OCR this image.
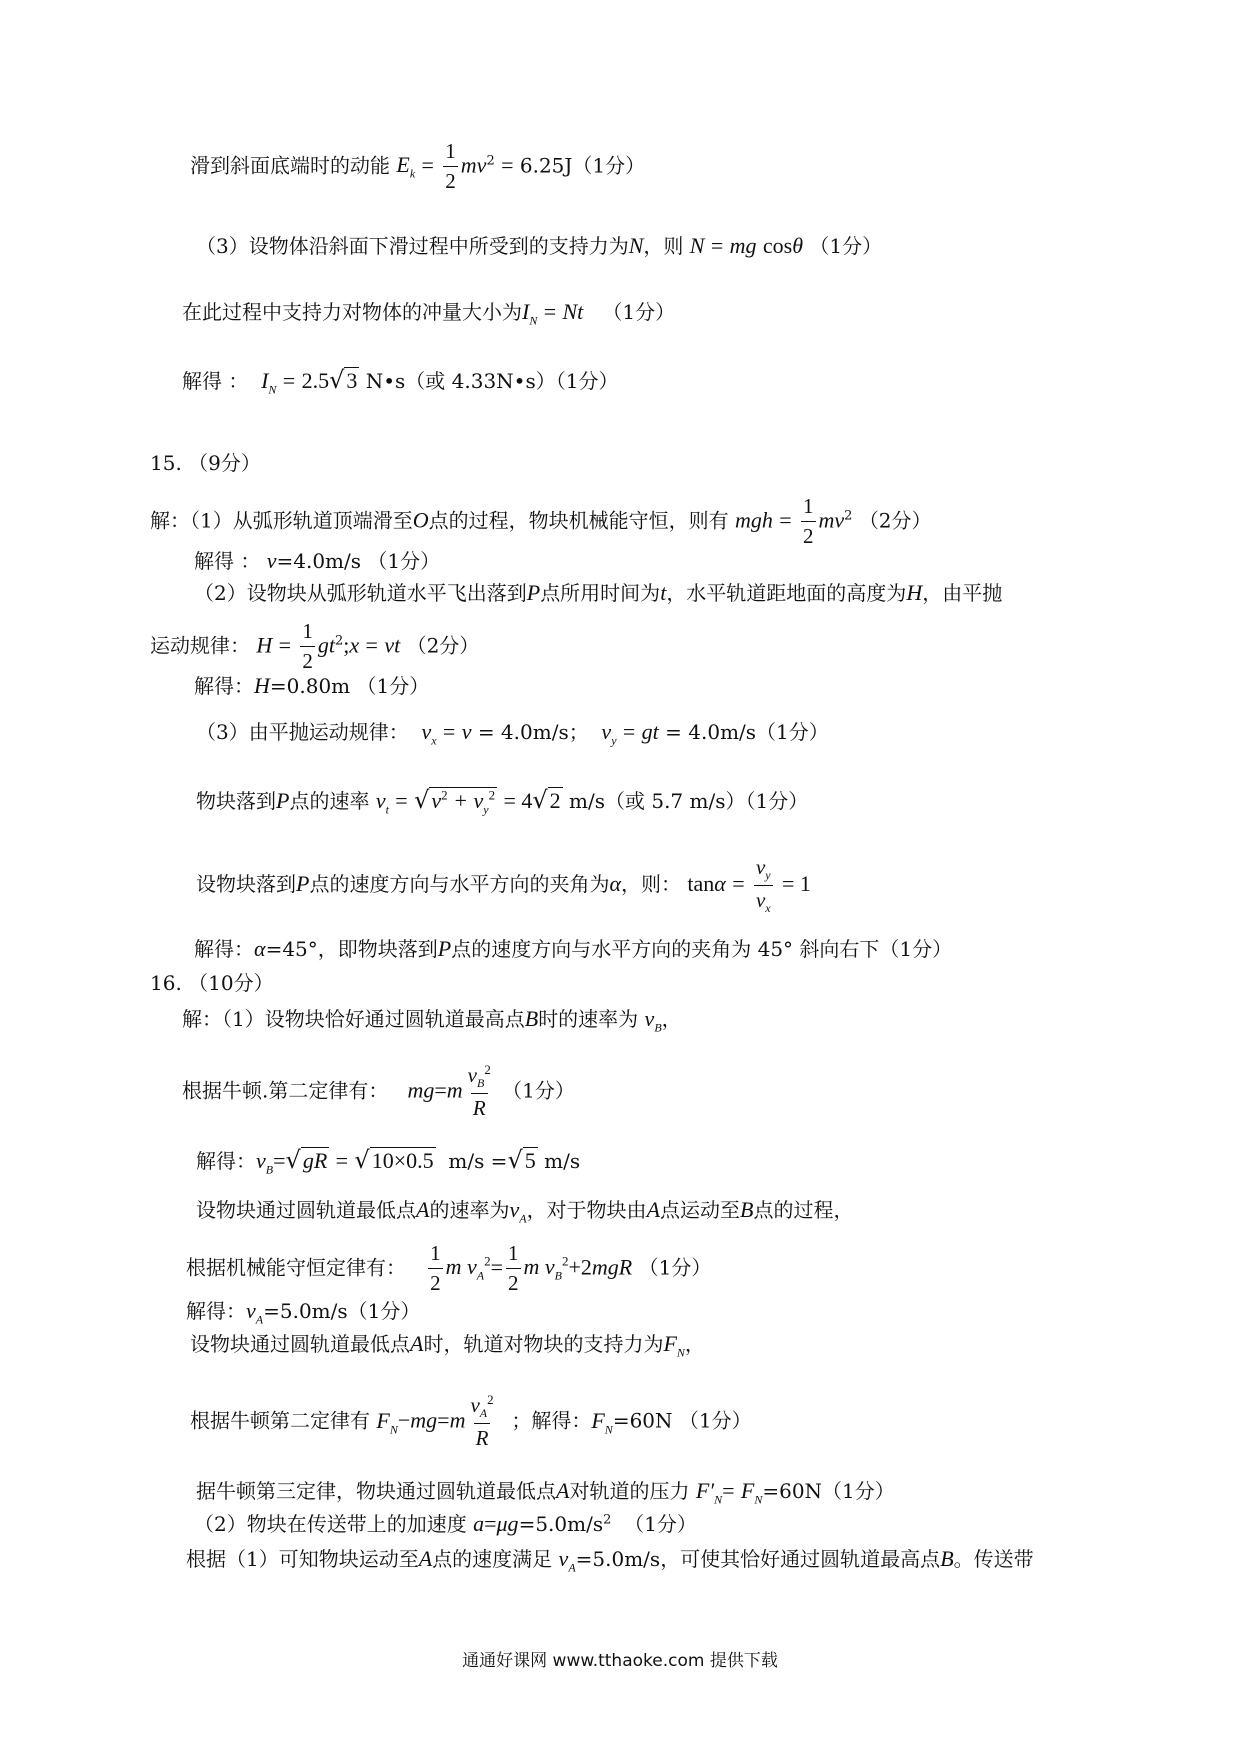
滑到斜面底端时的动能 $E_k = \frac{1}{2} mv^2 = 6.25J(1$分）
（3）设物体沿斜面下滑过程中所受到的支持力为N，则 N = mg cosθ （1分）
在此过程中支持力对物体的冲量大小为$I_N = Nt$ （1分）
解得 ： $I_N = 2.5√3$ N•s（或 4.33N•s）（1分）
15. （9分）
解：（1）从弧形轨道顶端滑至O点的过程，物块机械能守恒，则有 mgh = $\frac{1}{2} mv^2$ （2分）
解得 ： v=4.0m/s （1分）
（2）设物块从弧形轨道水平飞出落到P点所用时间为t，水平轨道距地面的高度为H，由平抛
运动规律： $H = \frac{1}{2}$ $gt^2;x$ = vt （2分）
解得：H=0.80m （1分）
（3）由平抛运动规律： $v_x = v = 4.0m/s$； $v_y$ = gt = 4.0m/s（1分）
物块落到P点的速率 $v_t = √v^2 + v_y^2 = 4√2$ m/s（或 5.7 m/s）（1分）
设物块落到P点的速度方向与水平方向的夹角为α，则： $\tan\alpha = \frac{v_y}{v_x} = 1$
解得：α=45°，即物块落到P点的速度方向与水平方向的夹角为 45° 斜向右下（1分）
16. （10分）
解：（1）设物块恰好通过圆轨道最高点B时的速率为 $v_B$，
根据牛顿.第二定律有： $mg=m \frac{v_B^2}{R} (1$分）
解得：$v_B=√gR = √10\times 0.5$ m/s =√5 m/s
设物块通过圆轨道最低点A的速率为$v_A$，对于物块由A点运动至B点的过程，
根据机械能守恒定律有： $\frac{1}{2}$ m $v_A^2= \frac{1}{2}$ m $v_B^2+2mgR$ （1分）
解得：$v_A=5.0m/s(1$分）
设物块通过圆轨道最低点A时，轨道对物块的支持力为$F_N$，
根据牛顿第二定律有 $F_N-mg=m \frac{v_A^2}{R}$ ；解得：$F_N=60N$ （1分）
据牛顿第三定律，物块通过圆轨道最低点A对轨道的压力 $F'_N= F_N=60N(1$分）
（2）物块在传送带上的加速度 $a=\mu g=5.0m/s^2$ （1分）
根据（1）可知物块运动至A点的速度满足 $v_A=5.0m/s$，可使其恰好通过圆轨道最高点B。传送带
通通好课网 www.tthaoke.com 提供下载
